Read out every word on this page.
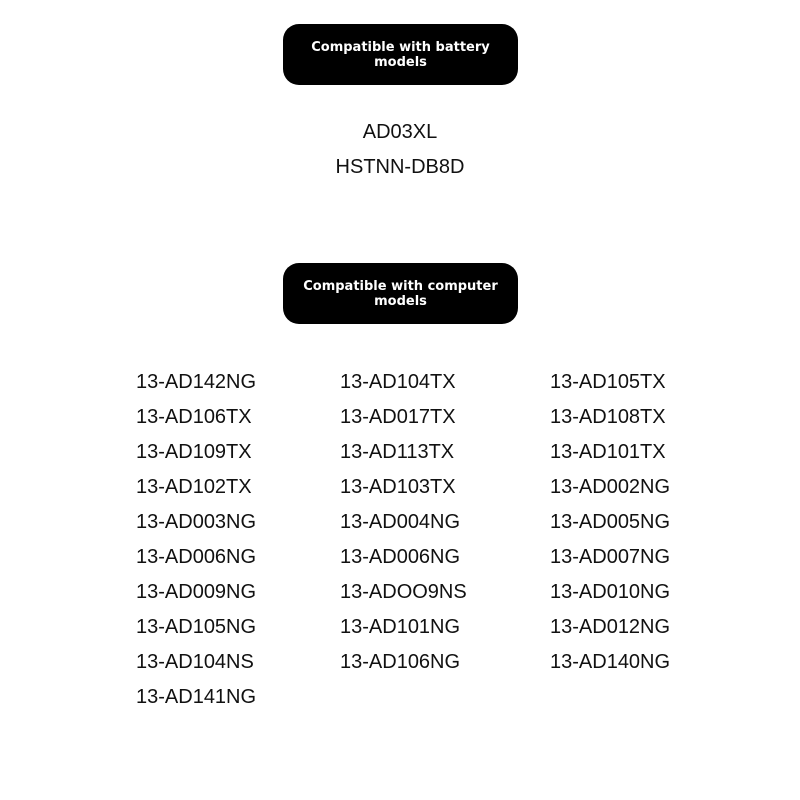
Compatible with battery models
AD03XL
HSTNN-DB8D
Compatible with computer models
13-AD142NG
13-AD106TX
13-AD109TX
13-AD102TX
13-AD003NG
13-AD006NG
13-AD009NG
13-AD105NG
13-AD104NS
13-AD141NG
13-AD104TX
13-AD017TX
13-AD113TX
13-AD103TX
13-AD004NG
13-AD006NG
13-ADOO9NS
13-AD101NG
13-AD106NG
13-AD105TX
13-AD108TX
13-AD101TX
13-AD002NG
13-AD005NG
13-AD007NG
13-AD010NG
13-AD012NG
13-AD140NG
